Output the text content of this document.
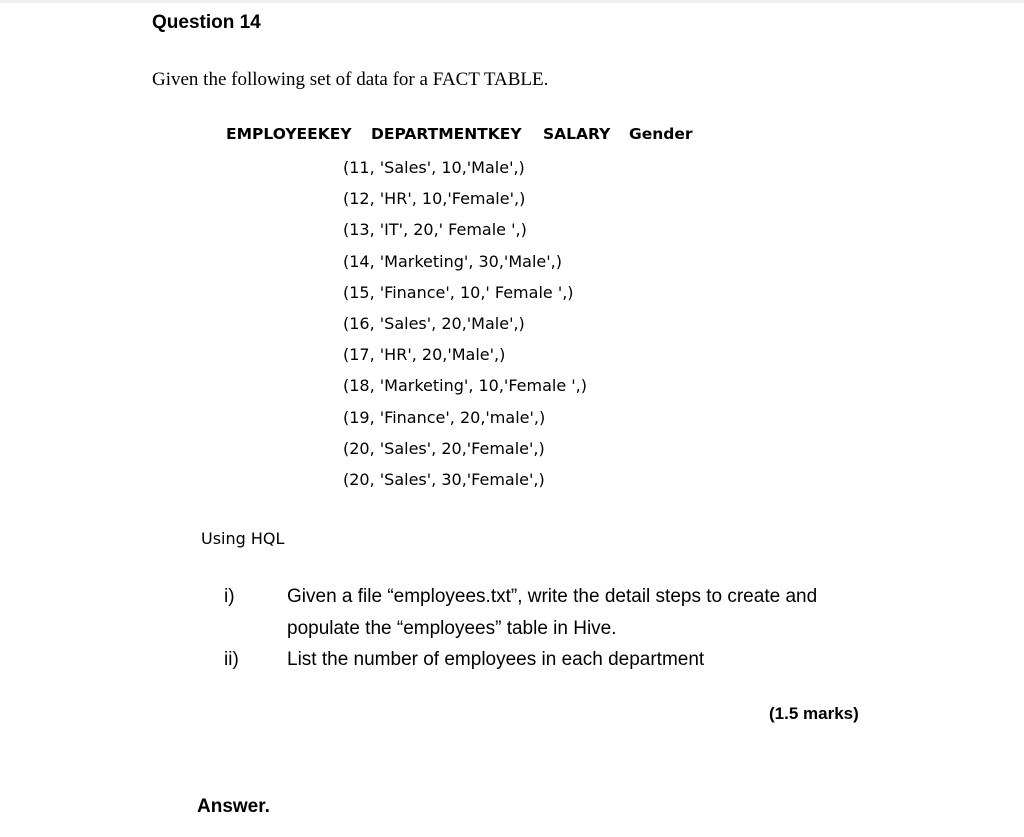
Question 14

Given the following set of data for a FACT TABLE.

EMPLOYEEKEY DEPARTMENTKEY SALARY Gender
(11, 'Sales', 10,'Male',)
(12, 'HR', 10,'Female',)
(13, 'IT', 20,' Female ',)
(14, 'Marketing', 30,'Male',)
(15, 'Finance', 10,' Female ',)
(16, 'Sales', 20,'Male',)
(17, 'HR', 20,'Male',)
(18, 'Marketing', 10,'Female ',)
(19, 'Finance', 20,'male',)
(20, 'Sales', 20,'Female',)
(20, 'Sales', 30,'Female',)

Using HQL

i)	Given a file “employees.txt”, write the detail steps to create and populate the “employees” table in Hive.
ii)	List the number of employees in each department
(1.5 marks)
Answer.
